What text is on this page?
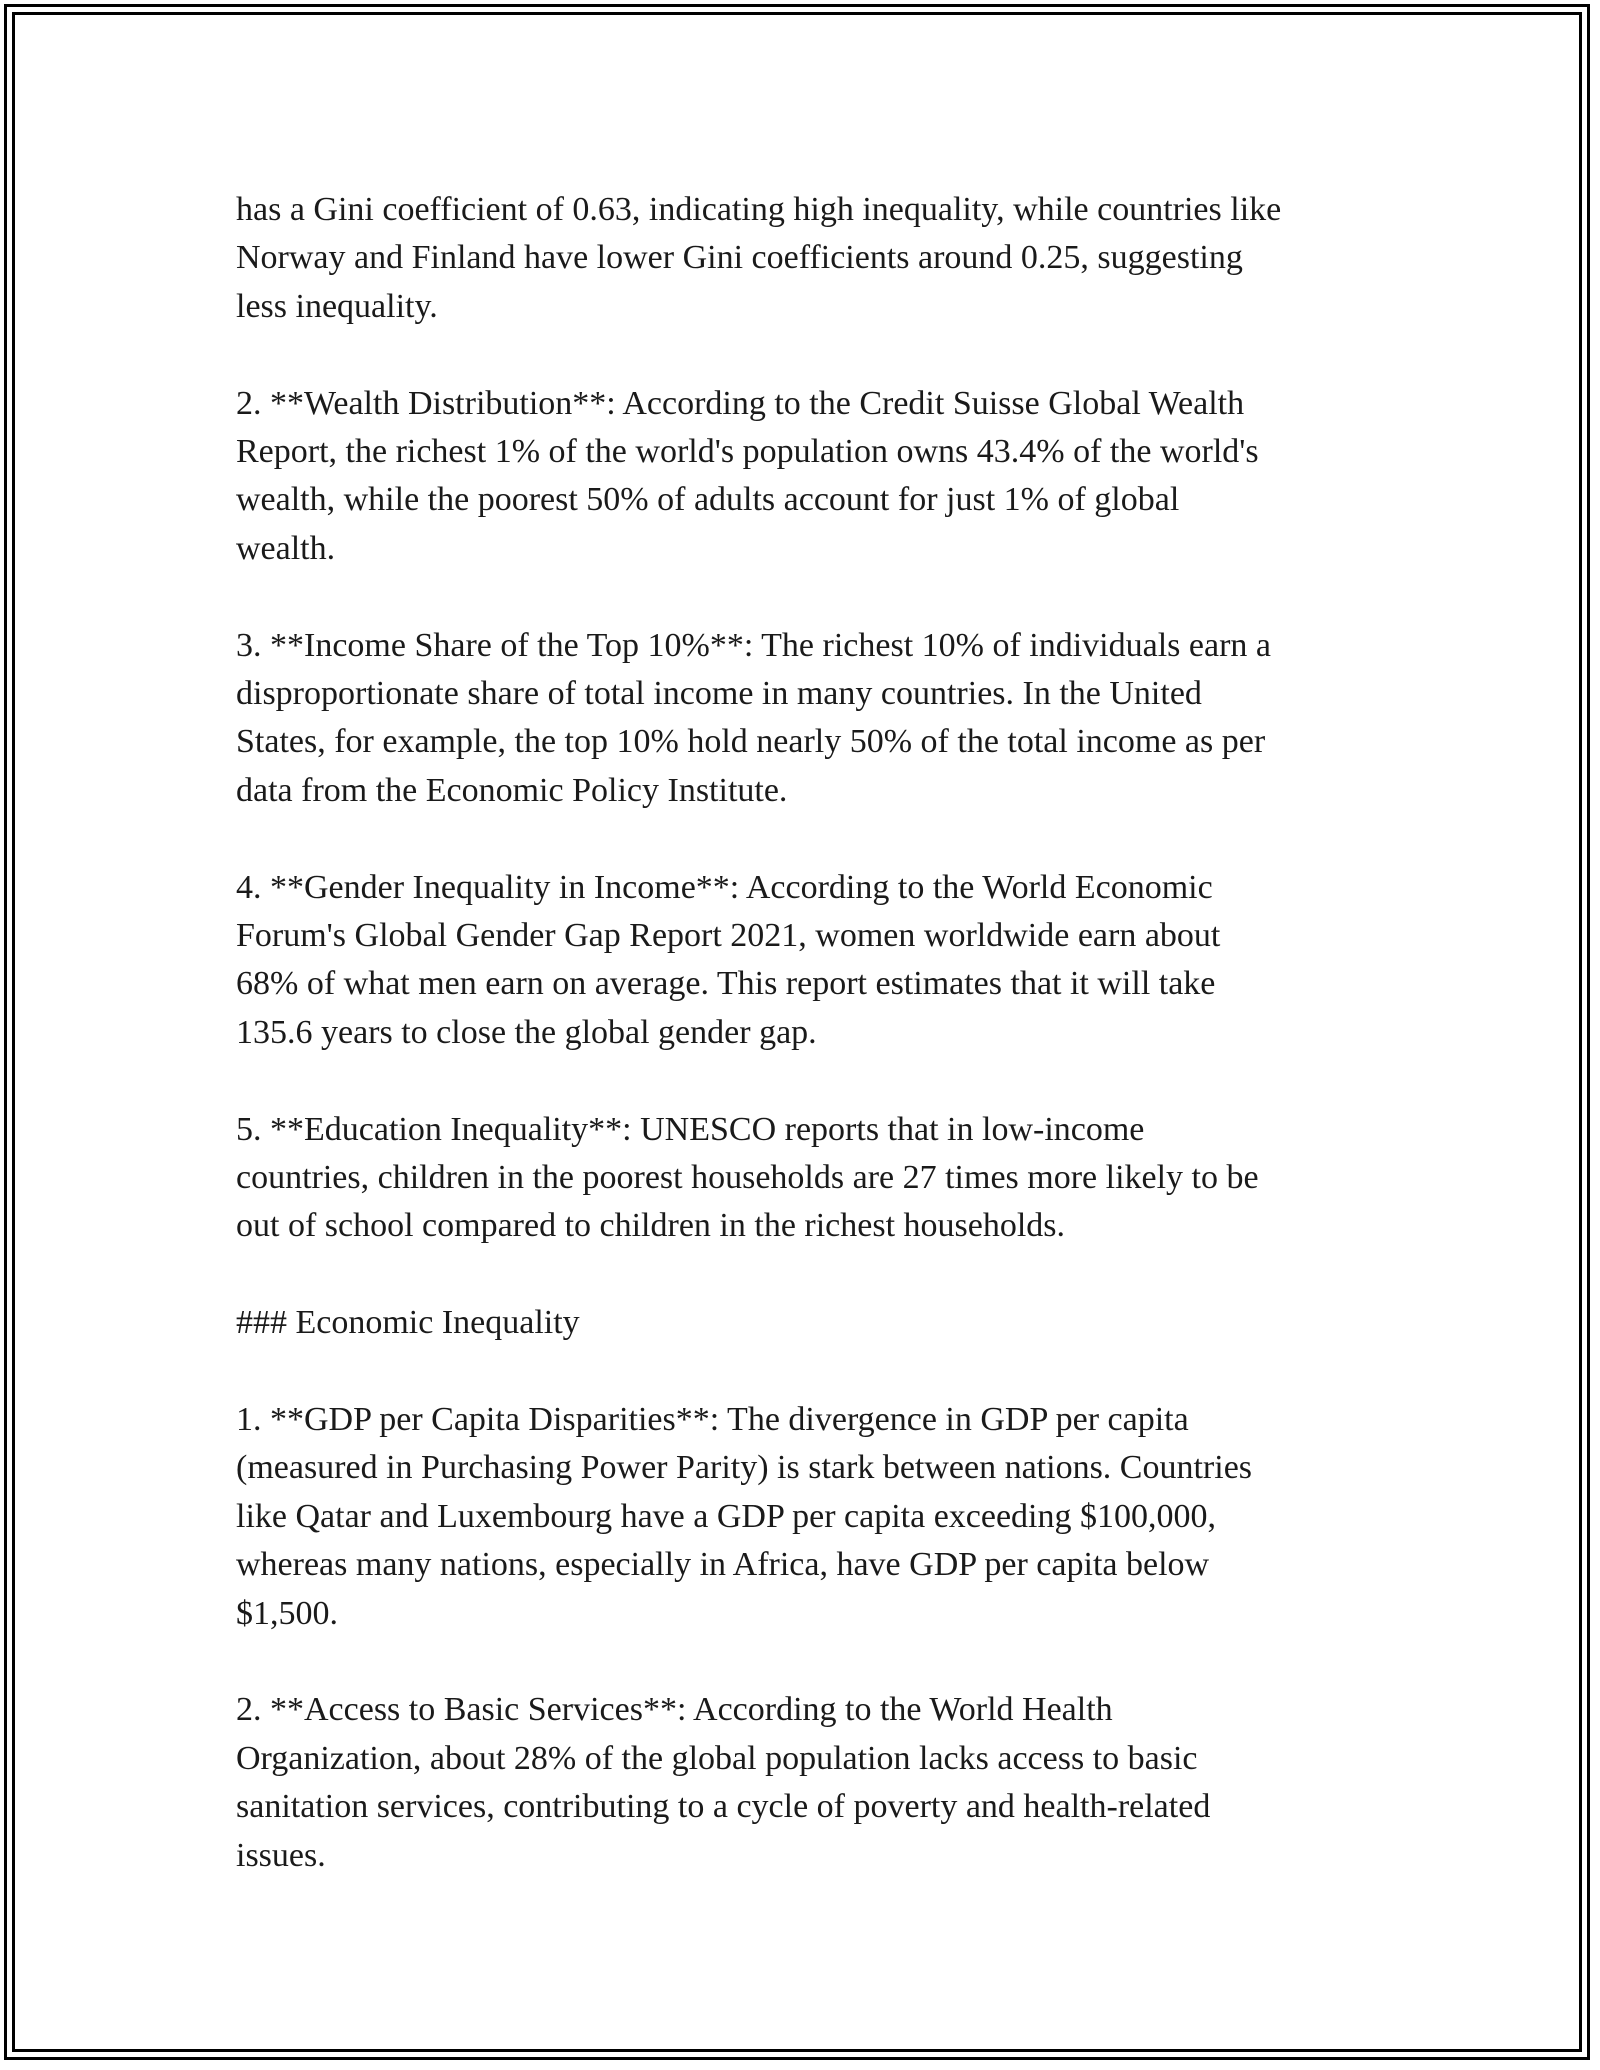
has a Gini coefficient of 0.63, indicating high inequality, while countries like
Norway and Finland have lower Gini coefficients around 0.25, suggesting
less inequality.

2. **Wealth Distribution**: According to the Credit Suisse Global Wealth
Report, the richest 1% of the world's population owns 43.4% of the world's
wealth, while the poorest 50% of adults account for just 1% of global
wealth.

3. **Income Share of the Top 10%**: The richest 10% of individuals earn a
disproportionate share of total income in many countries. In the United
States, for example, the top 10% hold nearly 50% of the total income as per
data from the Economic Policy Institute.

4. **Gender Inequality in Income**: According to the World Economic
Forum's Global Gender Gap Report 2021, women worldwide earn about
68% of what men earn on average. This report estimates that it will take
135.6 years to close the global gender gap.

5. **Education Inequality**: UNESCO reports that in low-income
countries, children in the poorest households are 27 times more likely to be
out of school compared to children in the richest households.

### Economic Inequality

1. **GDP per Capita Disparities**: The divergence in GDP per capita
(measured in Purchasing Power Parity) is stark between nations. Countries
like Qatar and Luxembourg have a GDP per capita exceeding $100,000,
whereas many nations, especially in Africa, have GDP per capita below
$1,500.

2. **Access to Basic Services**: According to the World Health
Organization, about 28% of the global population lacks access to basic
sanitation services, contributing to a cycle of poverty and health-related
issues.
